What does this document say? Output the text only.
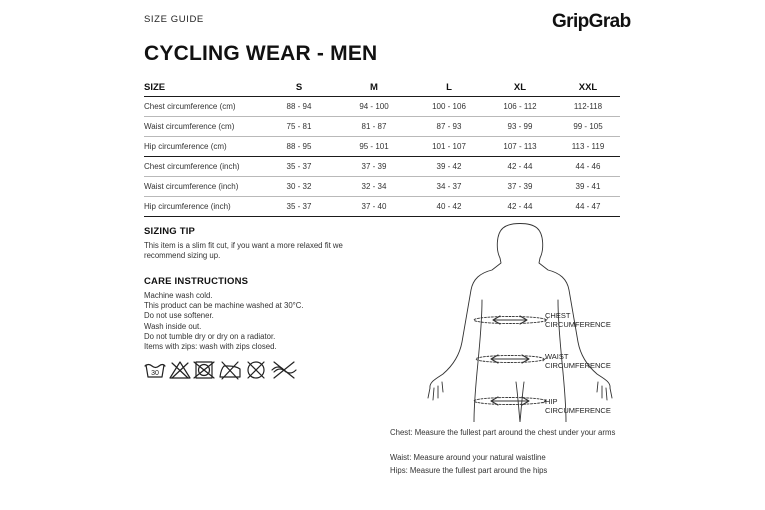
SIZE GUIDE	GripGrab
CYCLING WEAR - MEN
SIZE	S	M	L	XL	XXL
Chest circumference (cm)	88 - 94	94 - 100	100 - 106	106 - 112	112-118
Waist circumference (cm)	75 - 81	81 - 87	87 - 93	93 - 99	99 - 105
Hip circumference (cm)	88 - 95	95 - 101	101 - 107	107 - 113	113 - 119
Chest circumference (inch)	35 - 37	37 - 39	39 - 42	42 - 44	44 - 46
Waist circumference (inch)	30 - 32	32 - 34	34 - 37	37 - 39	39 - 41
Hip circumference (inch)	35 - 37	37 - 40	40 - 42	42 - 44	44 - 47
SIZING TIP
This item is a slim fit cut, if you want a more relaxed fit we recommend sizing up.
CARE INSTRUCTIONS
Machine wash cold.
This product can be machine washed at 30°C.
Do not use softener.
Wash inside out.
Do not tumble dry or dry on a radiator.
Items with zips: wash with zips closed.
30
CHEST
CIRCUMFERENCE
WAIST
CIRCUMFERENCE
HIP
CIRCUMFERENCE
Chest: Measure the fullest part around the chest under your arms
Waist: Measure around your natural waistline
Hips: Measure the fullest part around the hips
